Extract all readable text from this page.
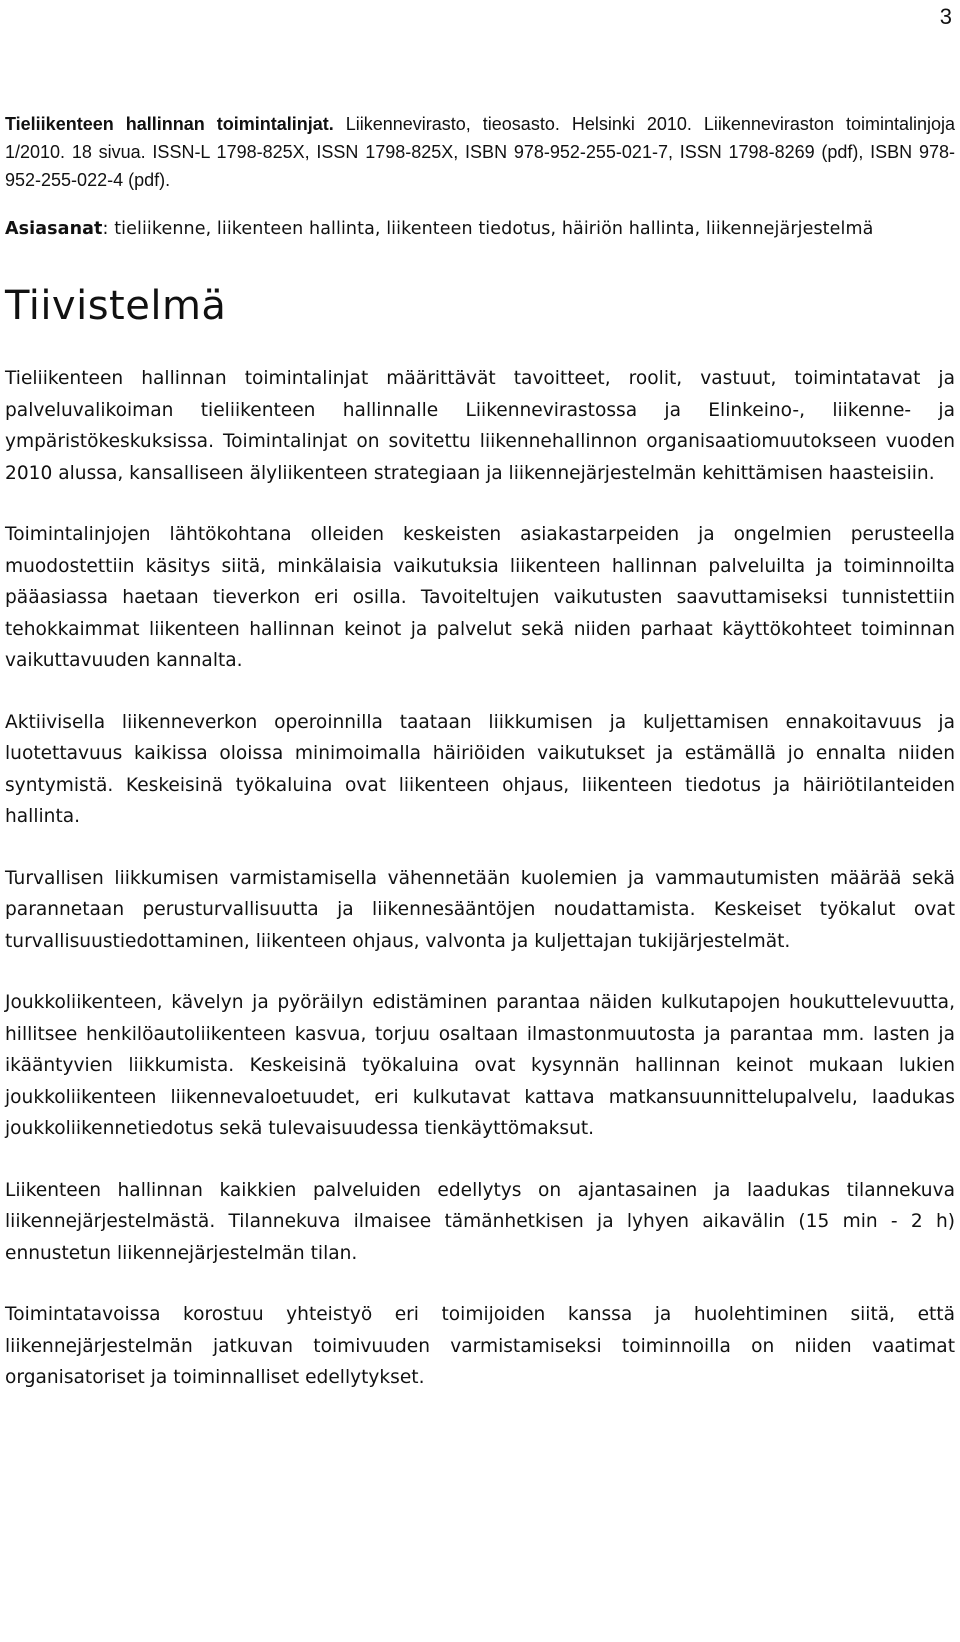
3

Tieliikenteen hallinnan toimintalinjat. Liikennevirasto, tieosasto. Helsinki 2010. Liikenneviraston toimintalinjoja 1/2010. 18 sivua. ISSN-L 1798-825X, ISSN 1798-825X, ISBN 978-952-255-021-7, ISSN 1798-8269 (pdf), ISBN 978-952-255-022-4 (pdf).

Asiasanat: tieliikenne, liikenteen hallinta, liikenteen tiedotus, häiriön hallinta, liikennejärjestelmä

Tiivistelmä

Tieliikenteen hallinnan toimintalinjat määrittävät tavoitteet, roolit, vastuut, toimintatavat ja palveluvalikoiman tieliikenteen hallinnalle Liikennevirastossa ja Elinkeino-, liikenne- ja ympäristökeskuksissa. Toimintalinjat on sovitettu liikennehallinnon organisaatiomuutokseen vuoden 2010 alussa, kansalliseen älyliikenteen strategiaan ja liikennejärjestelmän kehittämisen haasteisiin.

Toimintalinjojen lähtökohtana olleiden keskeisten asiakastarpeiden ja ongelmien perusteella muodostettiin käsitys siitä, minkälaisia vaikutuksia liikenteen hallinnan palveluilta ja toiminnoilta pääasiassa haetaan tieverkon eri osilla. Tavoiteltujen vaikutusten saavuttamiseksi tunnistettiin tehokkaimmat liikenteen hallinnan keinot ja palvelut sekä niiden parhaat käyttökohteet toiminnan vaikuttavuuden kannalta.

Aktiivisella liikenneverkon operoinnilla taataan liikkumisen ja kuljettamisen ennakoitavuus ja luotettavuus kaikissa oloissa minimoimalla häiriöiden vaikutukset ja estämällä jo ennalta niiden syntymistä. Keskeisinä työkaluina ovat liikenteen ohjaus, liikenteen tiedotus ja häiriötilanteiden hallinta.

Turvallisen liikkumisen varmistamisella vähennetään kuolemien ja vammautumisten määrää sekä parannetaan perusturvallisuutta ja liikennesääntöjen noudattamista. Keskeiset työkalut ovat turvallisuustiedottaminen, liikenteen ohjaus, valvonta ja kuljettajan tukijärjestelmät.

Joukkoliikenteen, kävelyn ja pyöräilyn edistäminen parantaa näiden kulkutapojen houkuttelevuutta, hillitsee henkilöautoliikenteen kasvua, torjuu osaltaan ilmastonmuutosta ja parantaa mm. lasten ja ikääntyvien liikkumista. Keskeisinä työkaluina ovat kysynnän hallinnan keinot mukaan lukien joukkoliikenteen liikennevaloetuudet, eri kulkutavat kattava matkansuunnittelupalvelu, laadukas joukkoliikennetiedotus sekä tulevaisuudessa tienkäyttömaksut.

Liikenteen hallinnan kaikkien palveluiden edellytys on ajantasainen ja laadukas tilannekuva liikennejärjestelmästä. Tilannekuva ilmaisee tämänhetkisen ja lyhyen aikavälin (15 min - 2 h) ennustetun liikennejärjestelmän tilan.

Toimintatavoissa korostuu yhteistyö eri toimijoiden kanssa ja huolehtiminen siitä, että liikennejärjestelmän jatkuvan toimivuuden varmistamiseksi toiminnoilla on niiden vaatimat organisatoriset ja toiminnalliset edellytykset.
